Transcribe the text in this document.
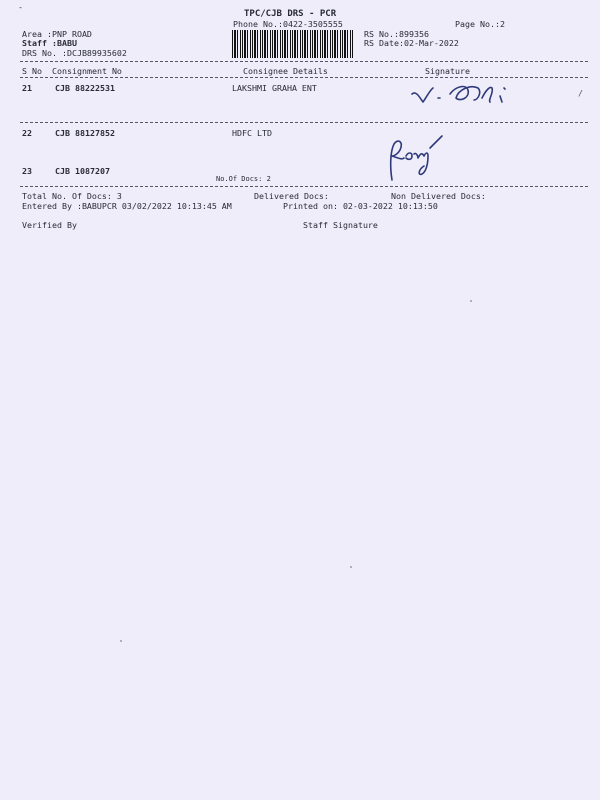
-
TPC/CJB DRS - PCR
Phone No.:0422-3505555	Page No.:2
Area :PNP ROAD
Staff :BABU
DRS No. :DCJB89935602
RS No.:899356
RS Date:02-Mar-2022
S No Consignment No	Consignee Details	Signature
21	CJB 88222531	LAKSHMI GRAHA ENT	/
22	CJB 88127852	HDFC LTD
23	CJB 1087207
No.Of Docs: 2
Total No. Of Docs: 3	Delivered Docs:	Non Delivered Docs:
Entered By :BABUPCR 03/02/2022 10:13:45 AM	Printed on: 02-03-2022 10:13:50
Verified By	Staff Signature
